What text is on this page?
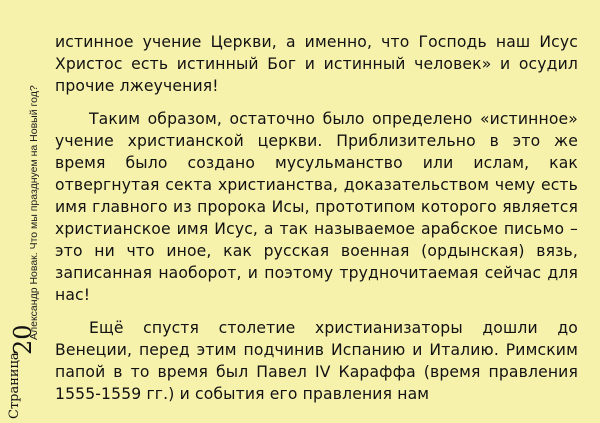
Александр Новак. Что мы празднуем на Новый год?
20
Страница

истинное учение Церкви, а именно, что Господь наш Исус Христос есть истинный Бог и истинный человек» и осудил прочие лжеучения!

Таким образом, остаточно было определено «истинное» учение христианской церкви. Приблизительно в это же время было создано мусульманство или ислам, как отвергнутая секта христианства, доказательством чему есть имя главного из пророка Исы, прототипом которого является христианское имя Исус, а так называемое арабское письмо – это ни что иное, как русская военная (ордынская) вязь, записанная наоборот, и поэтому трудночитаемая сейчас для нас!

Ещё спустя столетие христианизаторы дошли до Венеции, перед этим подчинив Испанию и Италию. Римским папой в то время был Павел IV Караффа (время правления 1555-1559 гг.) и события его правления нам
